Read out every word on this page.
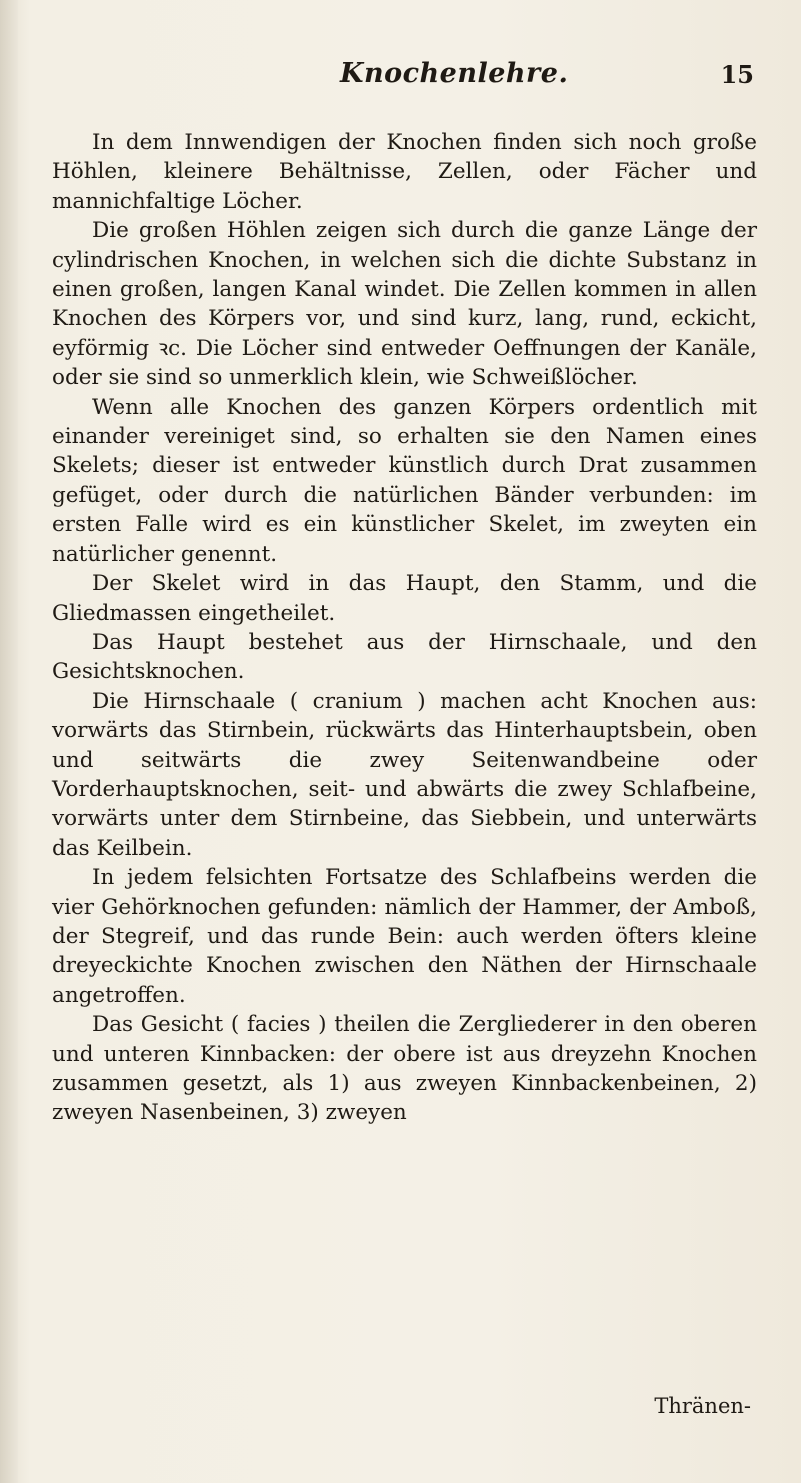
Knochenlehre.	15

In dem Innwendigen der Knochen finden sich noch große Höhlen, kleinere Behältnisse, Zellen, oder Fächer und mannichfaltige Löcher.

Die großen Höhlen zeigen sich durch die ganze Länge der cylindrischen Knochen, in welchen sich die dichte Substanz in einen großen, langen Kanal windet. Die Zellen kommen in allen Knochen des Körpers vor, und sind kurz, lang, rund, eckicht, eyförmig ꝛc. Die Löcher sind entweder Oeffnungen der Kanäle, oder sie sind so unmerklich klein, wie Schweißlöcher.

Wenn alle Knochen des ganzen Körpers ordentlich mit einander vereiniget sind, so erhalten sie den Namen eines Skelets; dieser ist entweder künstlich durch Drat zusammen gefüget, oder durch die natürlichen Bänder verbunden: im ersten Falle wird es ein künstlicher Skelet, im zweyten ein natürlicher genennt.

Der Skelet wird in das Haupt, den Stamm, und die Gliedmassen eingetheilet.

Das Haupt bestehet aus der Hirnschaale, und den Gesichtsknochen.

Die Hirnschaale ( cranium ) machen acht Knochen aus: vorwärts das Stirnbein, rückwärts das Hinterhauptsbein, oben und seitwärts die zwey Seitenwandbeine oder Vorderhauptsknochen, seit- und abwärts die zwey Schlafbeine, vorwärts unter dem Stirnbeine, das Siebbein, und unterwärts das Keilbein.

In jedem felsichten Fortsatze des Schlafbeins werden die vier Gehörknochen gefunden: nämlich der Hammer, der Amboß, der Stegreif, und das runde Bein: auch werden öfters kleine dreyeckichte Knochen zwischen den Näthen der Hirnschaale angetroffen.

Das Gesicht ( facies ) theilen die Zergliederer in den oberen und unteren Kinnbacken: der obere ist aus dreyzehn Knochen zusammen gesetzt, als 1) aus zweyen Kinnbackenbeinen, 2) zweyen Nasenbeinen, 3) zweyen

Thränen-
